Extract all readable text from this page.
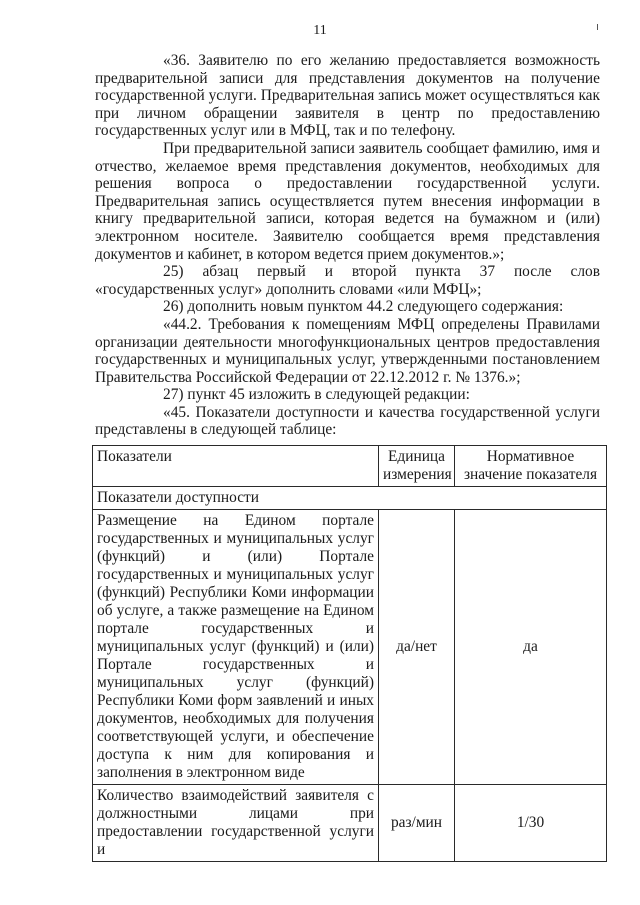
11

«36. Заявителю по его желанию предоставляется возможность предварительной записи для представления документов на получение государственной услуги. Предварительная запись может осуществляться как при личном обращении заявителя в центр по предоставлению государственных услуг или в МФЦ, так и по телефону.

При предварительной записи заявитель сообщает фамилию, имя и отчество, желаемое время представления документов, необходимых для решения вопроса о предоставлении государственной услуги. Предварительная запись осуществляется путем внесения информации в книгу предварительной записи, которая ведется на бумажном и (или) электронном носителе. Заявителю сообщается время представления документов и кабинет, в котором ведется прием документов.»;

25) абзац первый и второй пункта 37 после слов «государственных услуг» дополнить словами «или МФЦ»;

26) дополнить новым пунктом 44.2 следующего содержания:

«44.2. Требования к помещениям МФЦ определены Правилами организации деятельности многофункциональных центров предоставления государственных и муниципальных услуг, утвержденными постановлением Правительства Российской Федерации от 22.12.2012 г. № 1376.»;

27) пункт 45 изложить в следующей редакции:

«45. Показатели доступности и качества государственной услуги представлены в следующей таблице:

Показатели	Единица измерения	Нормативное значение показателя
Показатели доступности		
Размещение на Едином портале государственных и муниципальных услуг (функций) и (или) Портале государственных и муниципальных услуг (функций) Республики Коми информации об услуге, а также размещение на Едином портале государственных и муниципальных услуг (функций) и (или) Портале государственных и муниципальных услуг (функций) Республики Коми форм заявлений и иных документов, необходимых для получения соответствующей услуги, и обеспечение доступа к ним для копирования и заполнения в электронном виде	да/нет	да
Количество взаимодействий заявителя с должностными лицами при предоставлении государственной услуги и	раз/мин	1/30
